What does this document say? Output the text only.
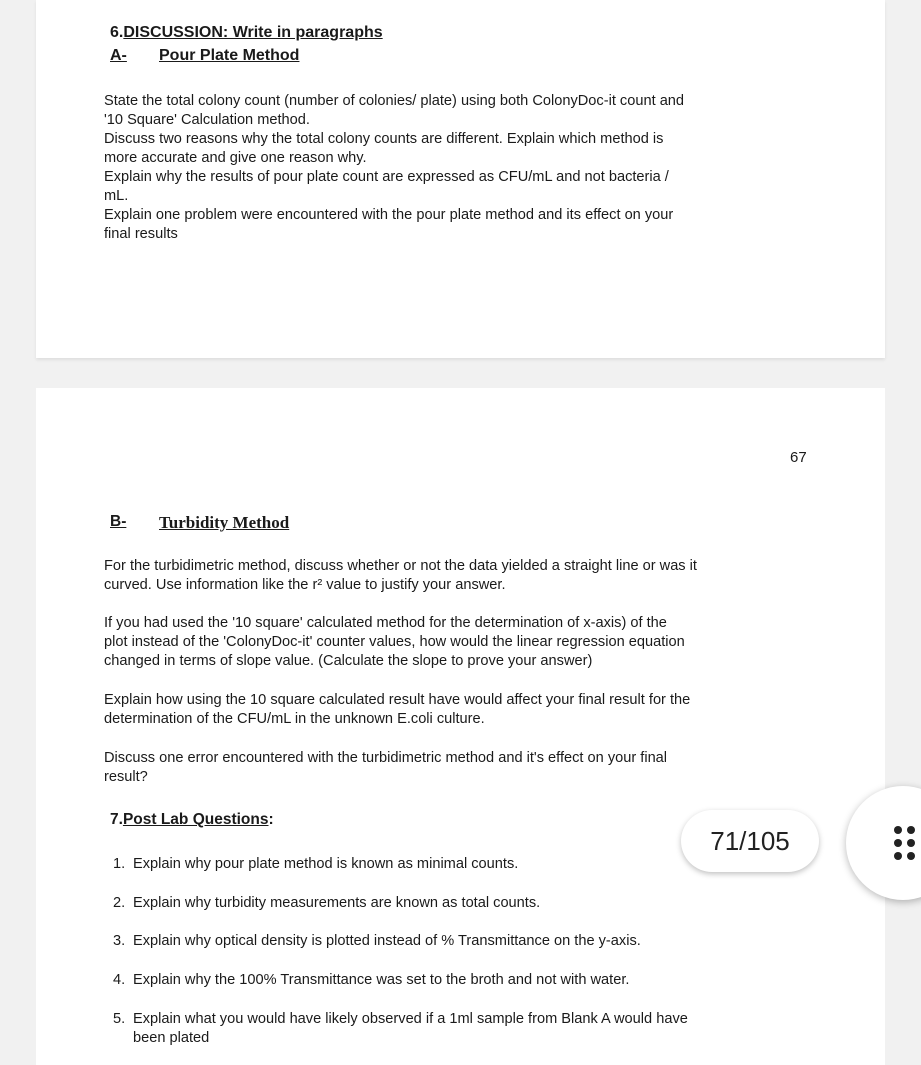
6.DISCUSSION: Write in paragraphs
A- Pour Plate Method

State the total colony count (number of colonies/ plate) using both ColonyDoc-it count and

'10 Square' Calculation method.

Discuss two reasons why the total colony counts are different. Explain which method is

more accurate and give one reason why.

Explain why the results of pour plate count are expressed as CFU/mL and not bacteria /

mL.

Explain one problem were encountered with the pour plate method and its effect on your

final results

67
B- Turbidity Method

For the turbidimetric method, discuss whether or not the data yielded a straight line or was it

curved. Use information like the r² value to justify your answer.

If you had used the '10 square' calculated method for the determination of x-axis) of the

plot instead of the 'ColonyDoc-it' counter values, how would the linear regression equation

changed in terms of slope value. (Calculate the slope to prove your answer)

Explain how using the 10 square calculated result have would affect your final result for the

determination of the CFU/mL in the unknown E.coli culture.

Discuss one error encountered with the turbidimetric method and it's effect on your final

result?

7.Post Lab Questions:
1. Explain why pour plate method is known as minimal counts.
2. Explain why turbidity measurements are known as total counts.
3. Explain why optical density is plotted instead of % Transmittance on the y-axis.
4. Explain why the 100% Transmittance was set to the broth and not with water.
5. Explain what you would have likely observed if a 1ml sample from Blank A would have
been plated
71/105
